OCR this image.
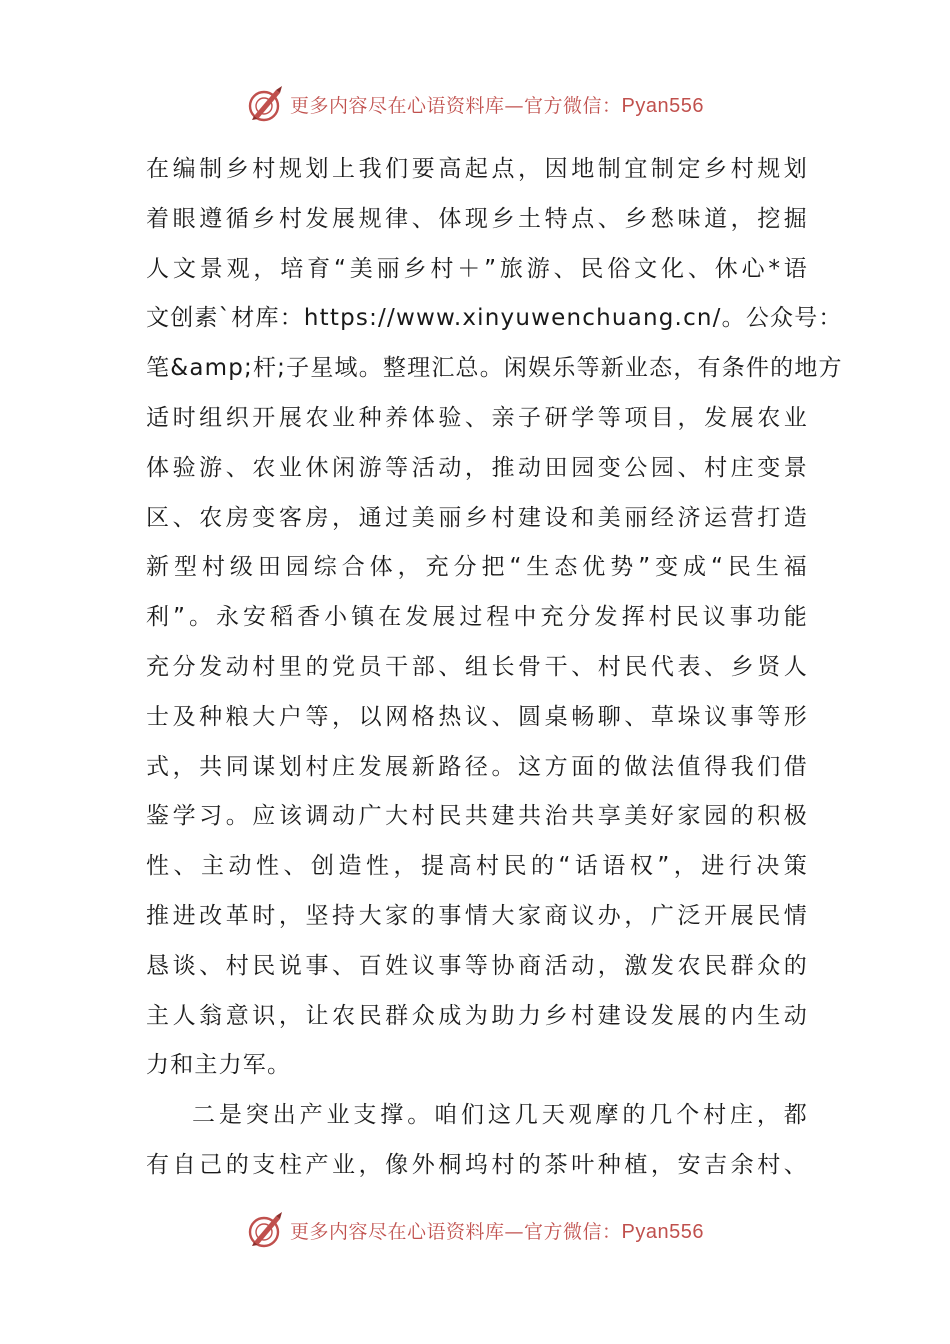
更多内容尽在心语资料库—官方微信：Pyan556
在编制乡村规划上我们要高起点，因地制宜制定乡村规划
着眼遵循乡村发展规律、体现乡土特点、乡愁味道，挖掘
人文景观，培育“美丽乡村＋”旅游、民俗文化、休心*语
文创素`材库：https://www.xinyuwenchuang.cn/。公众号：
笔&amp;杆;子星域。整理汇总。闲娱乐等新业态，有条件的地方
适时组织开展农业种养体验、亲子研学等项目，发展农业
体验游、农业休闲游等活动，推动田园变公园、村庄变景
区、农房变客房，通过美丽乡村建设和美丽经济运营打造
新型村级田园综合体，充分把“生态优势”变成“民生福
利”。永安稻香小镇在发展过程中充分发挥村民议事功能
充分发动村里的党员干部、组长骨干、村民代表、乡贤人
士及种粮大户等，以网格热议、圆桌畅聊、草垛议事等形
式，共同谋划村庄发展新路径。这方面的做法值得我们借
鉴学习。应该调动广大村民共建共治共享美好家园的积极
性、主动性、创造性，提高村民的“话语权”，进行决策
推进改革时，坚持大家的事情大家商议办，广泛开展民情
恳谈、村民说事、百姓议事等协商活动，激发农民群众的
主人翁意识，让农民群众成为助力乡村建设发展的内生动
力和主力军。
二是突出产业支撑。咱们这几天观摩的几个村庄，都
有自己的支柱产业，像外桐坞村的茶叶种植，安吉余村、
更多内容尽在心语资料库—官方微信：Pyan556
